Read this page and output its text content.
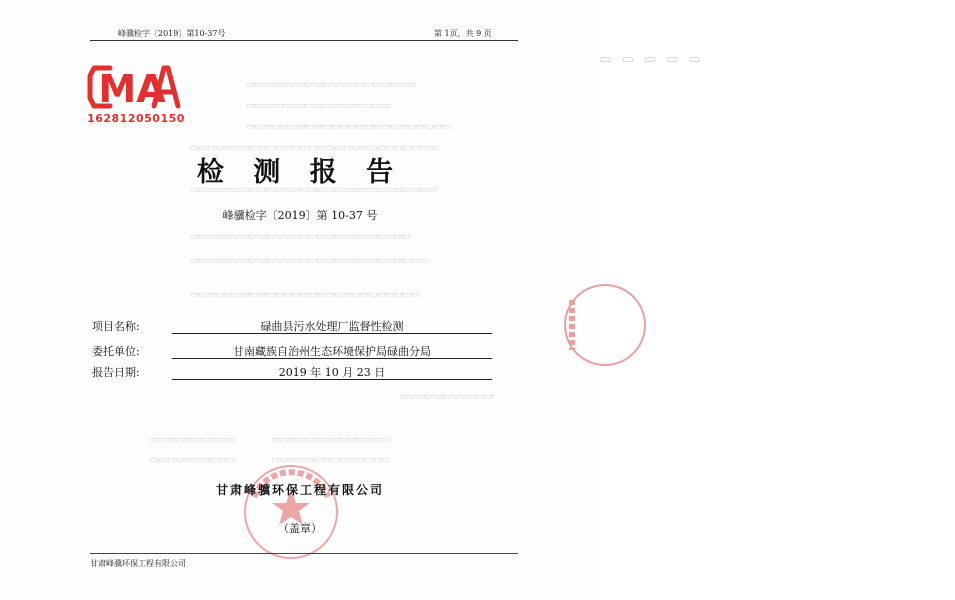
▭▭▭▭▭
▭▭▭▭▭▭▭▭▭▭▭▭▭▭▭▭▭▭▭▭
▭▭▭▭▭▭▭▭▭▭▭▭▭▭▭▭▭
▭▭▭▭▭▭▭▭▭▭▭▭▭▭▭▭▭▭▭▭▭▭▭▭
▭▭▭▭▭▭▭▭▭▭▭▭▭▭▭▭▭▭▭▭▭▭▭▭▭▭▭▭▭
▭▭▭▭▭▭▭▭▭▭▭▭▭▭▭▭▭▭▭▭▭▭▭▭▭▭▭▭▭
▭▭▭▭▭▭▭▭▭▭▭▭▭▭▭▭▭▭▭▭▭▭▭▭▭▭
▭▭▭▭▭▭▭▭▭▭▭▭▭▭▭▭▭▭▭▭▭▭▭▭▭▭▭▭
▭▭▭▭▭▭▭▭▭▭▭▭▭▭▭▭▭▭▭▭▭▭▭▭▭▭▭
▭▭▭▭▭▭▭▭▭▭▭
▭▭▭▭▭▭▭▭▭▭　　　　▭▭▭▭▭▭▭▭▭▭▭▭▭▭
▭▭▭▭▭▭▭▭▭▭　　　　▭▭▭▭▭▭▭▭▭▭▭▭▭▭
峰骥检字〔2019〕第10-37号	第 1页，共 9 页
MA
162812050150
检 测 报 告
峰骥检字〔2019〕第 10-37 号
项目名称:	碌曲县污水处理厂监督性检测
委托单位:	甘南藏族自治州生态环境保护局碌曲分局
报告日期:	2019 年 10 月 23 日
甘肃峰骥环保工程有限公司
（盖章）
甘肃峰骥环保工程有限公司
